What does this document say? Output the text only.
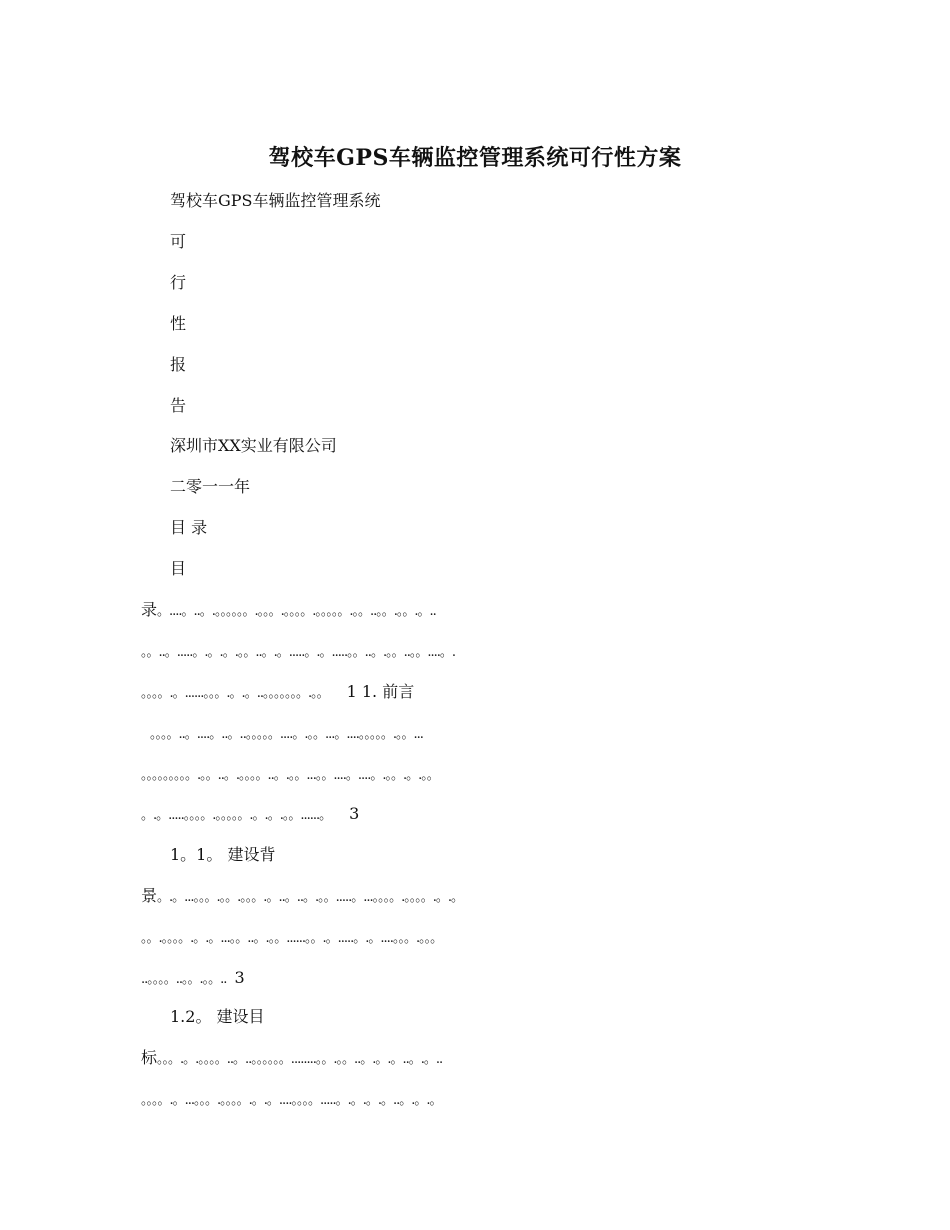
驾校车GPS车辆监控管理系统可行性方案
驾校车GPS车辆监控管理系统
可
行
性
报
告
深圳市XX实业有限公司
二零一一年
目 录
目
录。....。..。.。。。。。。.。。。.。。。。.。。。。。.。。..。。.。。.。..
。。..。.....。.。.。.。。..。.。.....。.。.....。。..。.。。..。。....。.
。。。。.。......。。。.。.。..。。。。。。。.。。 1 1. 前言
。。。。..。....。..。..。。。。。....。.。。...。....。。。。。.。。...
。。。。。。。。。.。。..。.。。。。..。.。。...。。....。....。.。。.。.。。
。.。.....。。。。.。。。。。.。.。.。。......。 3
1。1。 建设背
景。.。...。。。.。。.。。。.。..。..。.。。.....。...。。。。.。。。。.。.。
。。.。。。。.。.。...。。..。.。。......。。.。.....。.。....。。。.。。。
..。。。。..。。.。。.. 3
1.2。 建设目
标。。。.。.。。。。..。..。。。。。。........。。.。。..。.。.。..。.。..
。。。。.。...。。。.。。。。.。.。....。。。。.....。.。.。.。..。.。.。
